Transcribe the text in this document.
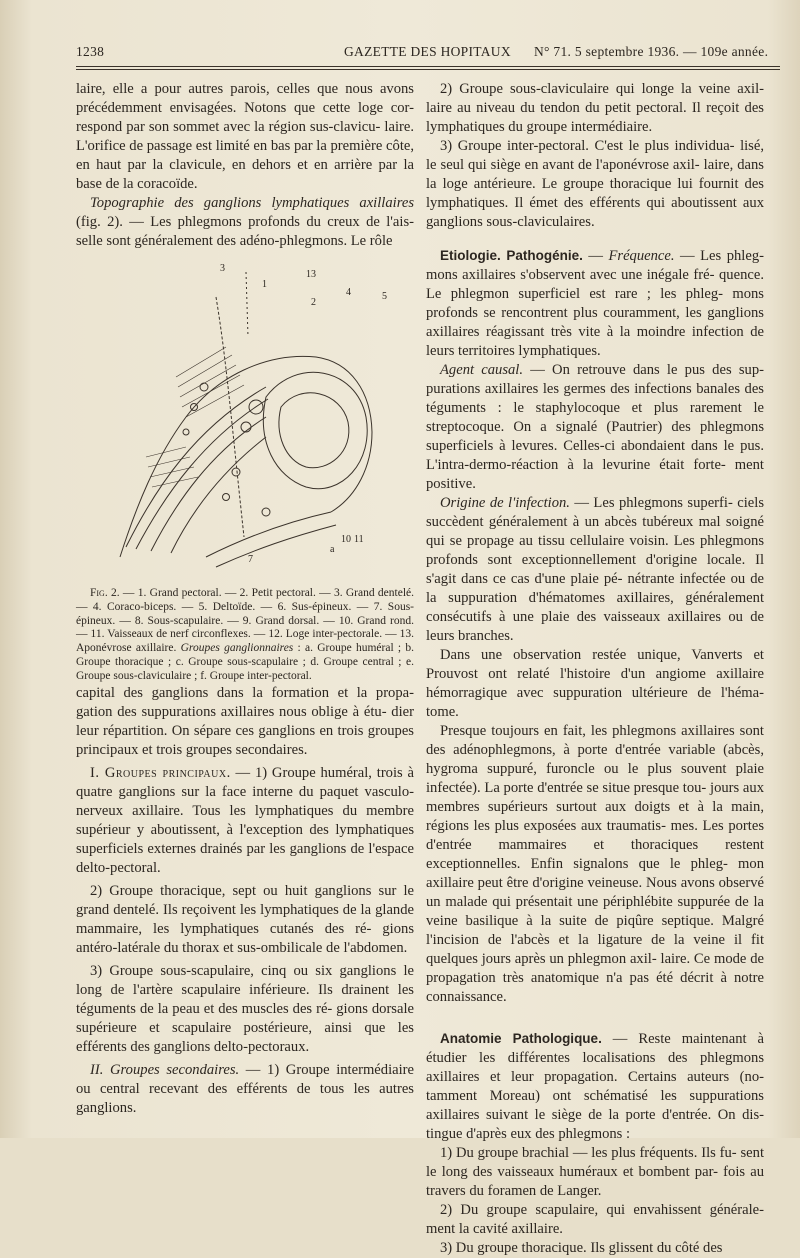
1238	GAZETTE DES HOPITAUX N° 71. 5 septembre 1936. — 109e année.

laire, elle a pour autres parois, celles que nous avons précédemment envisagées. Notons que cette loge cor- respond par son sommet avec la région sus-clavicu- laire. L'orifice de passage est limité en bas par la première côte, en haut par la clavicule, en dehors et en arrière par la base de la coracoïde.

Topographie des ganglions lymphatiques axillaires (fig. 2). — Les phlegmons profonds du creux de l'ais- selle sont généralement des adéno-phlegmons. Le rôle

3
13
1
4	5
2
10 11
7
a

Fig. 2. — 1. Grand pectoral. — 2. Petit pectoral. — 3. Grand dentelé. — 4. Coraco-biceps. — 5. Deltoïde. — 6. Sus-épineux. — 7. Sous-épineux. — 8. Sous-scapulaire. — 9. Grand dorsal. — 10. Grand rond. — 11. Vaisseaux de nerf circonflexes. — 12. Loge inter-pectorale. — 13. Aponévrose axillaire. Groupes ganglionnaires : a. Groupe huméral ; b. Groupe thoracique ; c. Groupe sous-scapulaire ; d. Groupe central ; e. Groupe sous-claviculaire ; f. Groupe inter-pectoral.

capital des ganglions dans la formation et la propa- gation des suppurations axillaires nous oblige à étu- dier leur répartition. On sépare ces ganglions en trois groupes principaux et trois groupes secondaires.

I. Groupes principaux. — 1) Groupe huméral, trois à quatre ganglions sur la face interne du paquet vasculo-nerveux axillaire. Tous les lymphatiques du membre supérieur y aboutissent, à l'exception des lymphatiques superficiels externes drainés par les ganglions de l'espace delto-pectoral.

2) Groupe thoracique, sept ou huit ganglions sur le grand dentelé. Ils reçoivent les lymphatiques de la glande mammaire, les lymphatiques cutanés des ré- gions antéro-latérale du thorax et sus-ombilicale de l'abdomen.

3) Groupe sous-scapulaire, cinq ou six ganglions le long de l'artère scapulaire inférieure. Ils drainent les téguments de la peau et des muscles des ré- gions dorsale supérieure et scapulaire postérieure, ainsi que les efférents des ganglions delto-pectoraux.

II. Groupes secondaires. — 1) Groupe intermédiaire ou central recevant des efférents de tous les autres ganglions.

2) Groupe sous-claviculaire qui longe la veine axil- laire au niveau du tendon du petit pectoral. Il reçoit des lymphatiques du groupe intermédiaire.

3) Groupe inter-pectoral. C'est le plus individua- lisé, le seul qui siège en avant de l'aponévrose axil- laire, dans la loge antérieure. Le groupe thoracique lui fournit des lymphatiques. Il émet des efférents qui aboutissent aux ganglions sous-claviculaires.

Etiologie. Pathogénie. — Fréquence. — Les phleg- mons axillaires s'observent avec une inégale fré- quence. Le phlegmon superficiel est rare ; les phleg- mons profonds se rencontrent plus couramment, les ganglions axillaires réagissant très vite à la moindre infection de leurs territoires lymphatiques.

Agent causal. — On retrouve dans le pus des sup- purations axillaires les germes des infections banales des téguments : le staphylocoque et plus rarement le streptocoque. On a signalé (Pautrier) des phlegmons superficiels à levures. Celles-ci abondaient dans le pus. L'intra-dermo-réaction à la levurine était forte- ment positive.

Origine de l'infection. — Les phlegmons superfi- ciels succèdent généralement à un abcès tubéreux mal soigné qui se propage au tissu cellulaire voisin. Les phlegmons profonds sont exceptionnellement d'origine locale. Il s'agit dans ce cas d'une plaie pé- nétrante infectée ou de la suppuration d'hématomes axillaires, généralement consécutifs à une plaie des vaisseaux axillaires ou de leurs branches.

Dans une observation restée unique, Vanverts et Prouvost ont relaté l'histoire d'un angiome axillaire hémorragique avec suppuration ultérieure de l'héma- tome.

Presque toujours en fait, les phlegmons axillaires sont des adénophlegmons, à porte d'entrée variable (abcès, hygroma suppuré, furoncle ou le plus souvent plaie infectée). La porte d'entrée se situe presque tou- jours aux membres supérieurs surtout aux doigts et à la main, régions les plus exposées aux traumatis- mes. Les portes d'entrée mammaires et thoraciques restent exceptionnelles. Enfin signalons que le phleg- mon axillaire peut être d'origine veineuse. Nous avons observé un malade qui présentait une périphlébite suppurée de la veine basilique à la suite de piqûre septique. Malgré l'incision de l'abcès et la ligature de la veine il fit quelques jours après un phlegmon axil- laire. Ce mode de propagation très anatomique n'a pas été décrit à notre connaissance.

Anatomie Pathologique. — Reste maintenant à étudier les différentes localisations des phlegmons axillaires et leur propagation. Certains auteurs (no- tamment Moreau) ont schématisé les suppurations axillaires suivant le siège de la porte d'entrée. On dis- tingue d'après eux des phlegmons :

1) Du groupe brachial — les plus fréquents. Ils fu- sent le long des vaisseaux huméraux et bombent par- fois au travers du foramen de Langer.

2) Du groupe scapulaire, qui envahissent générale- ment la cavité axillaire.

3) Du groupe thoracique. Ils glissent du côté des
